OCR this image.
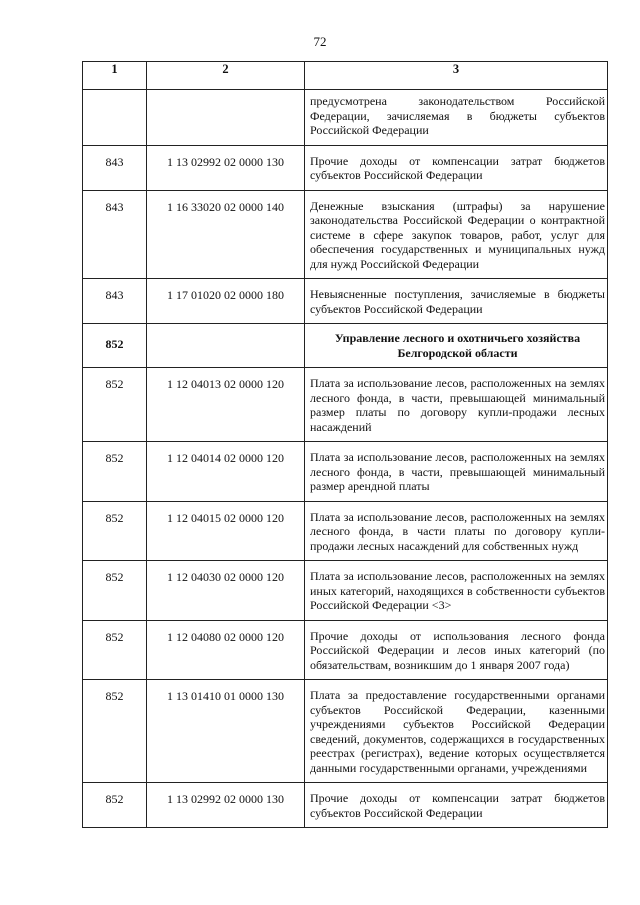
72
1	2	3
		предусмотрена законодательством Российской Федерации, зачисляемая в бюджеты субъектов Российской Федерации
843	1 13 02992 02 0000 130	Прочие доходы от компенсации затрат бюджетов субъектов Российской Федерации
843	1 16 33020 02 0000 140	Денежные взыскания (штрафы) за нарушение законодательства Российской Федерации о контрактной системе в сфере закупок товаров, работ, услуг для обеспечения государственных и муниципальных нужд для нужд Российской Федерации
843	1 17 01020 02 0000 180	Невыясненные поступления, зачисляемые в бюджеты субъектов Российской Федерации
852		Управление лесного и охотничьего хозяйства Белгородской области
852	1 12 04013 02 0000 120	Плата за использование лесов, расположенных на землях лесного фонда, в части, превышающей минимальный размер платы по договору купли-продажи лесных насаждений
852	1 12 04014 02 0000 120	Плата за использование лесов, расположенных на землях лесного фонда, в части, превышающей минимальный размер арендной платы
852	1 12 04015 02 0000 120	Плата за использование лесов, расположенных на землях лесного фонда, в части платы по договору купли-продажи лесных насаждений для собственных нужд
852	1 12 04030 02 0000 120	Плата за использование лесов, расположенных на землях иных категорий, находящихся в собственности субъектов Российской Федерации <3>
852	1 12 04080 02 0000 120	Прочие доходы от использования лесного фонда Российской Федерации и лесов иных категорий (по обязательствам, возникшим до 1 января 2007 года)
852	1 13 01410 01 0000 130	Плата за предоставление государственными органами субъектов Российской Федерации, казенными учреждениями субъектов Российской Федерации сведений, документов, содержащихся в государственных реестрах (регистрах), ведение которых осуществляется данными государственными органами, учреждениями
852	1 13 02992 02 0000 130	Прочие доходы от компенсации затрат бюджетов субъектов Российской Федерации
